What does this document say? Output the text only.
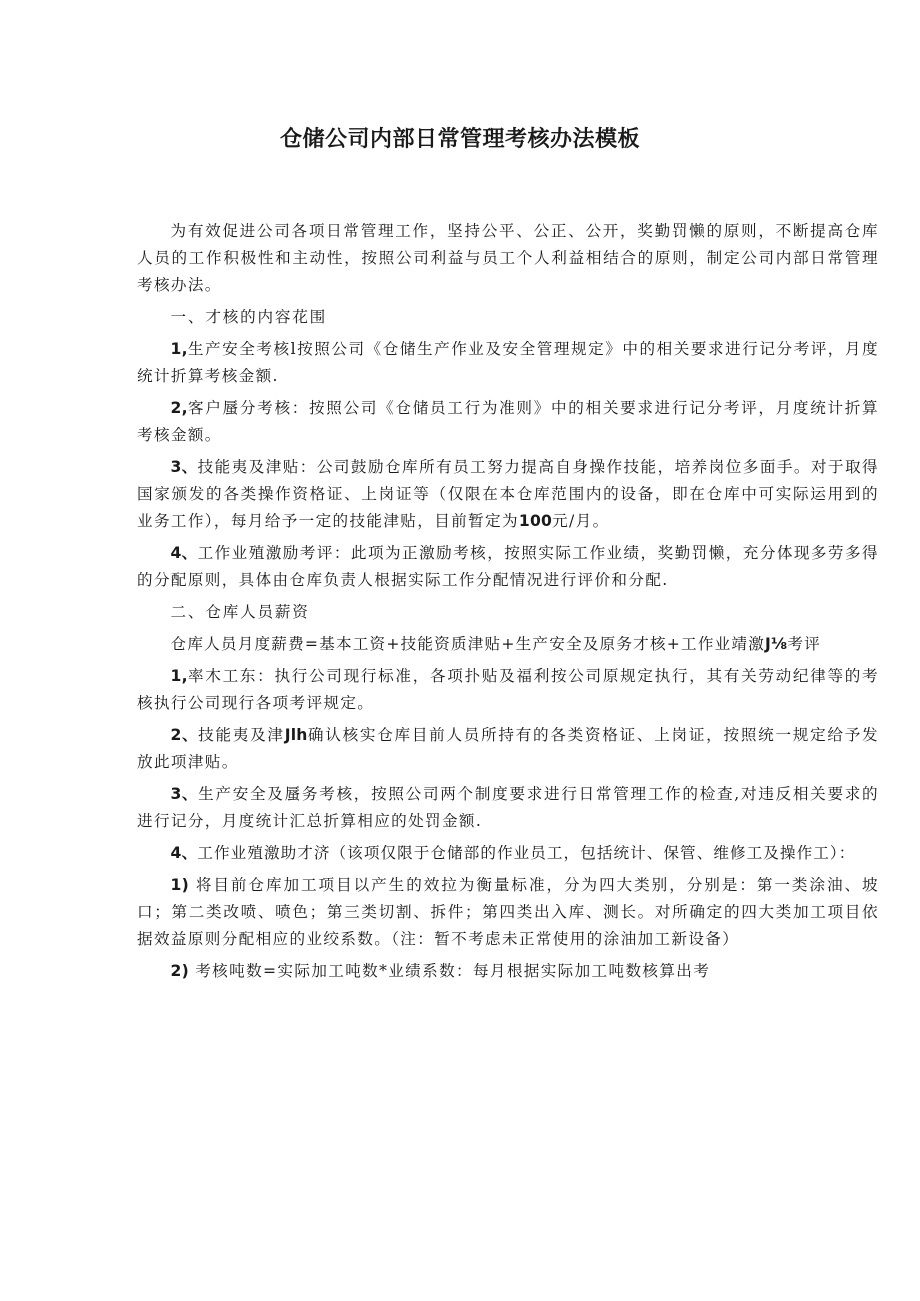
仓储公司内部日常管理考核办法模板

为有效促进公司各项日常管理工作，坚持公平、公正、公开，奖勤罚懒的原则，不断提高仓库人员的工作积极性和主动性，按照公司利益与员工个人利益相结合的原则，制定公司内部日常管理考核办法。

一、才核的内容花围

1,生产安全考核l按照公司《仓储生产作业及安全管理规定》中的相关要求进行记分考评，月度统计折算考核金额.

2,客户蜃分考核：按照公司《仓储员工行为准则》中的相关要求进行记分考评，月度统计折算考核金额。

3、技能夷及津贴：公司鼓励仓库所有员工努力提高自身操作技能，培养岗位多面手。对于取得国家颁发的各类操作资格证、上岗证等（仅限在本仓库范围内的设备，即在仓库中可实际运用到的业务工作），每月给予一定的技能津贴，目前暂定为100元/月。

4、工作业殖激励考评：此项为正激励考核，按照实际工作业绩，奖勤罚懒，充分体现多劳多得的分配原则，具体由仓库负责人根据实际工作分配情况进行评价和分配.

二、仓库人员薪资

仓库人员月度薪费=基本工资+技能资质津贴+生产安全及原务才核+工作业靖激J⅛考评

1,率木工东：执行公司现行标准，各项扑贴及福利按公司原规定执行，其有关劳动纪律等的考核执行公司现行各项考评规定。

2、技能夷及津Jlh确认核实仓库目前人员所持有的各类资格证、上岗证，按照统一规定给予发放此项津贴。

3、生产安全及蜃务考核，按照公司两个制度要求进行日常管理工作的检查,对违反相关要求的进行记分，月度统计汇总折算相应的处罚金额.

4、工作业殖激助才济（该项仅限于仓储部的作业员工，包括统计、保管、维修工及操作工）：

1) 将目前仓库加工项目以产生的效拉为衡量标准，分为四大类别，分别是：第一类涂油、坡口；第二类改喷、喷色；第三类切割、拆件；第四类出入库、测长。对所确定的四大类加工项目依据效益原则分配相应的业绞系数。（注：暂不考虑未正常使用的涂油加工新设备）

2) 考核吨数=实际加工吨数*业绩系数：每月根据实际加工吨数核算出考
